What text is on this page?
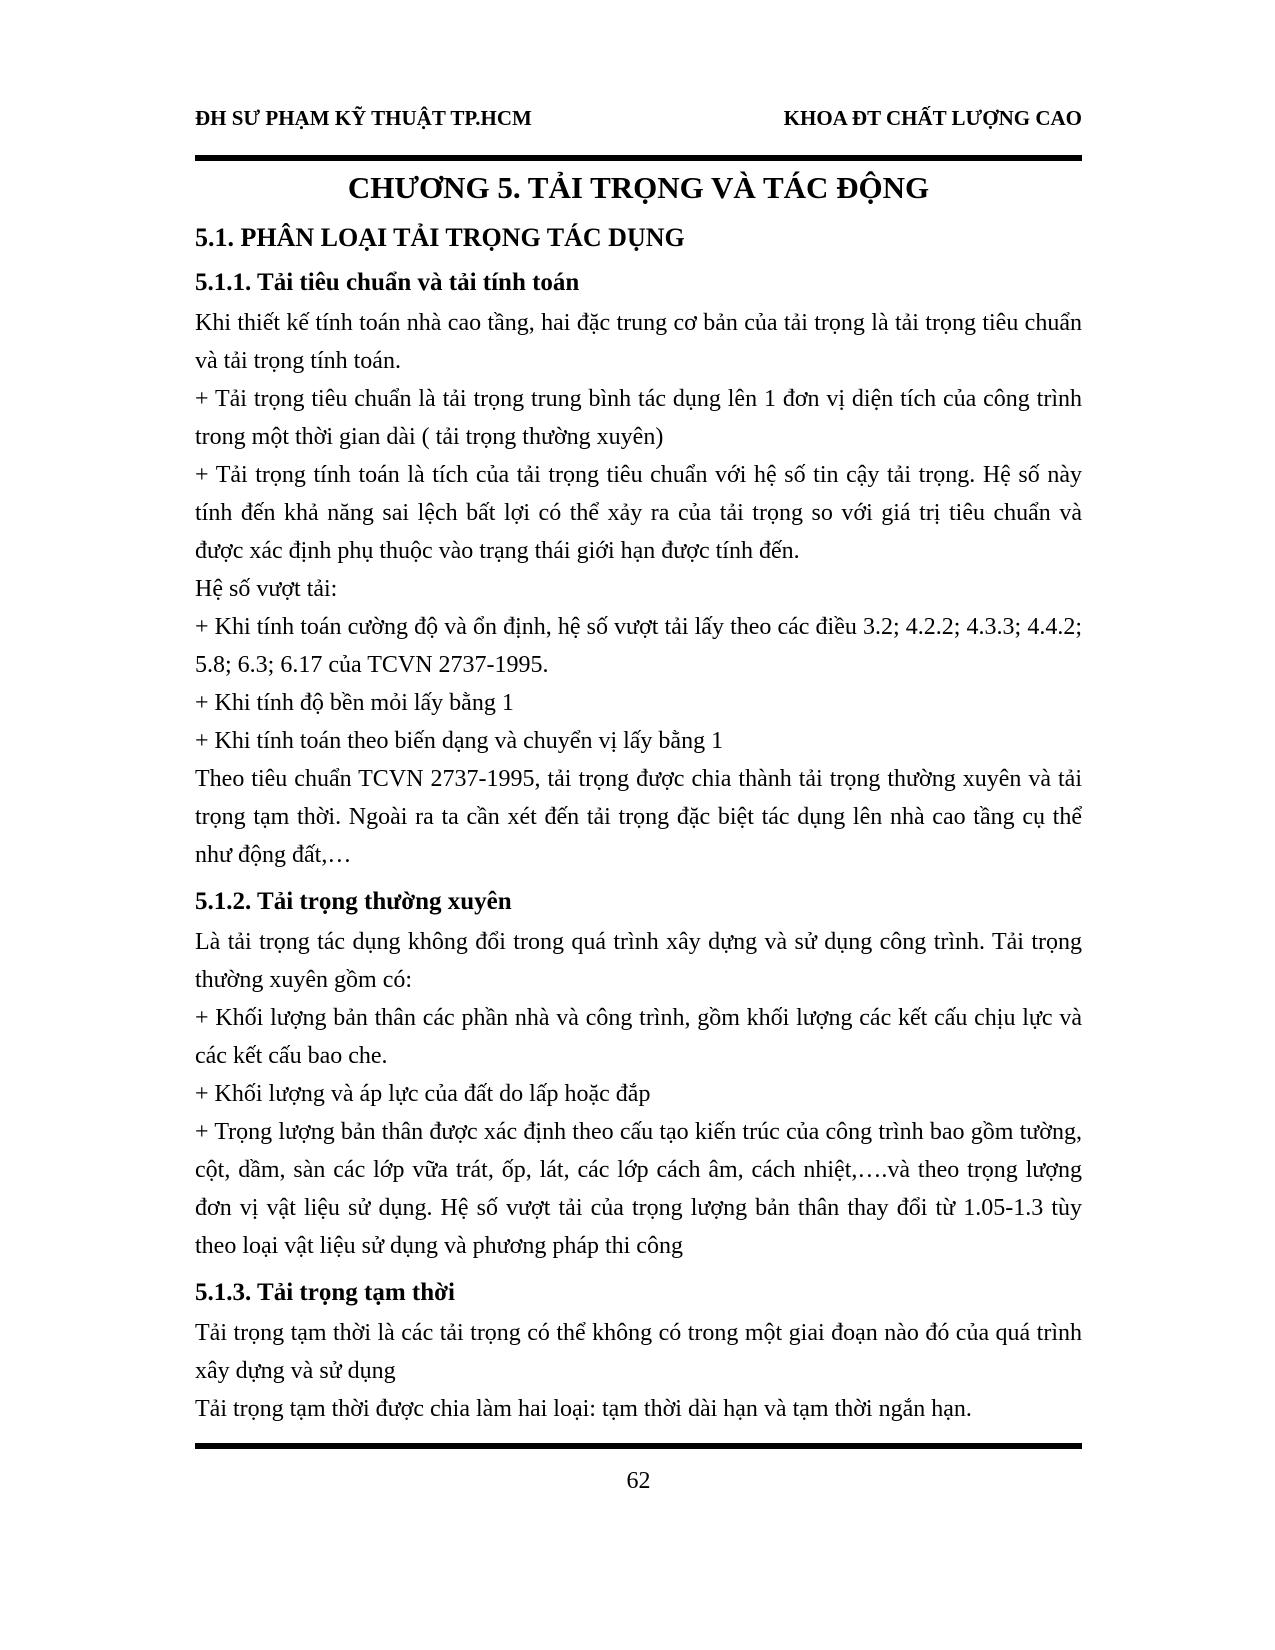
ĐH SƯ PHẠM KỸ THUẬT TP.HCM	KHOA ĐT CHẤT LƯỢNG CAO
CHƯƠNG 5. TẢI TRỌNG VÀ TÁC ĐỘNG
5.1. PHÂN LOẠI TẢI TRỌNG TÁC DỤNG
5.1.1. Tải tiêu chuẩn và tải tính toán

Khi thiết kế tính toán nhà cao tầng, hai đặc trung cơ bản của tải trọng là tải trọng tiêu chuẩn và tải trọng tính toán.

+ Tải trọng tiêu chuẩn là tải trọng trung bình tác dụng lên 1 đơn vị diện tích của công trình trong một thời gian dài ( tải trọng thường xuyên)

+ Tải trọng tính toán là tích của tải trọng tiêu chuẩn với hệ số tin cậy tải trọng. Hệ số này tính đến khả năng sai lệch bất lợi có thể xảy ra của tải trọng so với giá trị tiêu chuẩn và được xác định phụ thuộc vào trạng thái giới hạn được tính đến.

Hệ số vượt tải:

+ Khi tính toán cường độ và ổn định, hệ số vượt tải lấy theo các điều 3.2; 4.2.2; 4.3.3; 4.4.2; 5.8; 6.3; 6.17 của TCVN 2737-1995.

+ Khi tính độ bền mỏi lấy bằng 1

+ Khi tính toán theo biến dạng và chuyển vị lấy bằng 1

Theo tiêu chuẩn TCVN 2737-1995, tải trọng được chia thành tải trọng thường xuyên và tải trọng tạm thời. Ngoài ra ta cần xét đến tải trọng đặc biệt tác dụng lên nhà cao tầng cụ thể như động đất,…

5.1.2. Tải trọng thường xuyên

Là tải trọng tác dụng không đổi trong quá trình xây dựng và sử dụng công trình. Tải trọng thường xuyên gồm có:

+ Khối lượng bản thân các phần nhà và công trình, gồm khối lượng các kết cấu chịu lực và các kết cấu bao che.

+ Khối lượng và áp lực của đất do lấp hoặc đắp

+ Trọng lượng bản thân được xác định theo cấu tạo kiến trúc của công trình bao gồm tường, cột, dầm, sàn các lớp vữa trát, ốp, lát, các lớp cách âm, cách nhiệt,….và theo trọng lượng đơn vị vật liệu sử dụng. Hệ số vượt tải của trọng lượng bản thân thay đổi từ 1.05-1.3 tùy theo loại vật liệu sử dụng và phương pháp thi công

5.1.3. Tải trọng tạm thời

Tải trọng tạm thời là các tải trọng có thể không có trong một giai đoạn nào đó của quá trình xây dựng và sử dụng

Tải trọng tạm thời được chia làm hai loại: tạm thời dài hạn và tạm thời ngắn hạn.

62
